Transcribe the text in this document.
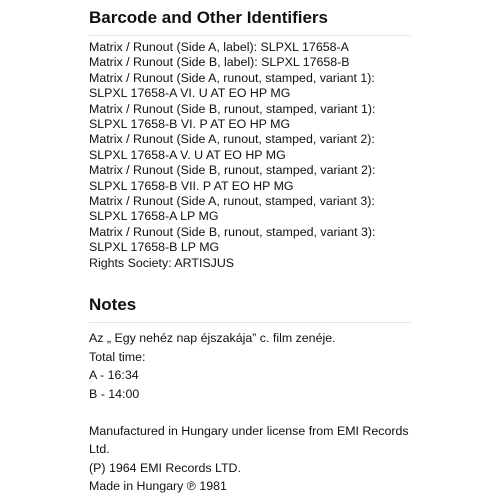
Barcode and Other Identifiers
Matrix / Runout (Side A, label): SLPXL 17658-A
Matrix / Runout (Side B, label): SLPXL 17658-B
Matrix / Runout (Side A, runout, stamped, variant 1):
SLPXL 17658-A VI. U AT EO HP MG
Matrix / Runout (Side B, runout, stamped, variant 1):
SLPXL 17658-B VI. P AT EO HP MG
Matrix / Runout (Side A, runout, stamped, variant 2):
SLPXL 17658-A V. U AT EO HP MG
Matrix / Runout (Side B, runout, stamped, variant 2):
SLPXL 17658-B VII. P AT EO HP MG
Matrix / Runout (Side A, runout, stamped, variant 3):
SLPXL 17658-A LP MG
Matrix / Runout (Side B, runout, stamped, variant 3):
SLPXL 17658-B LP MG
Rights Society: ARTISJUS
Notes
Az „ Egy nehéz nap éjszakája” c. film zenéje.
Total time:
A - 16:34
B - 14:00
Manufactured in Hungary under license from EMI Records
Ltd.
(P) 1964 EMI Records LTD.
Made in Hungary ℗ 1981
